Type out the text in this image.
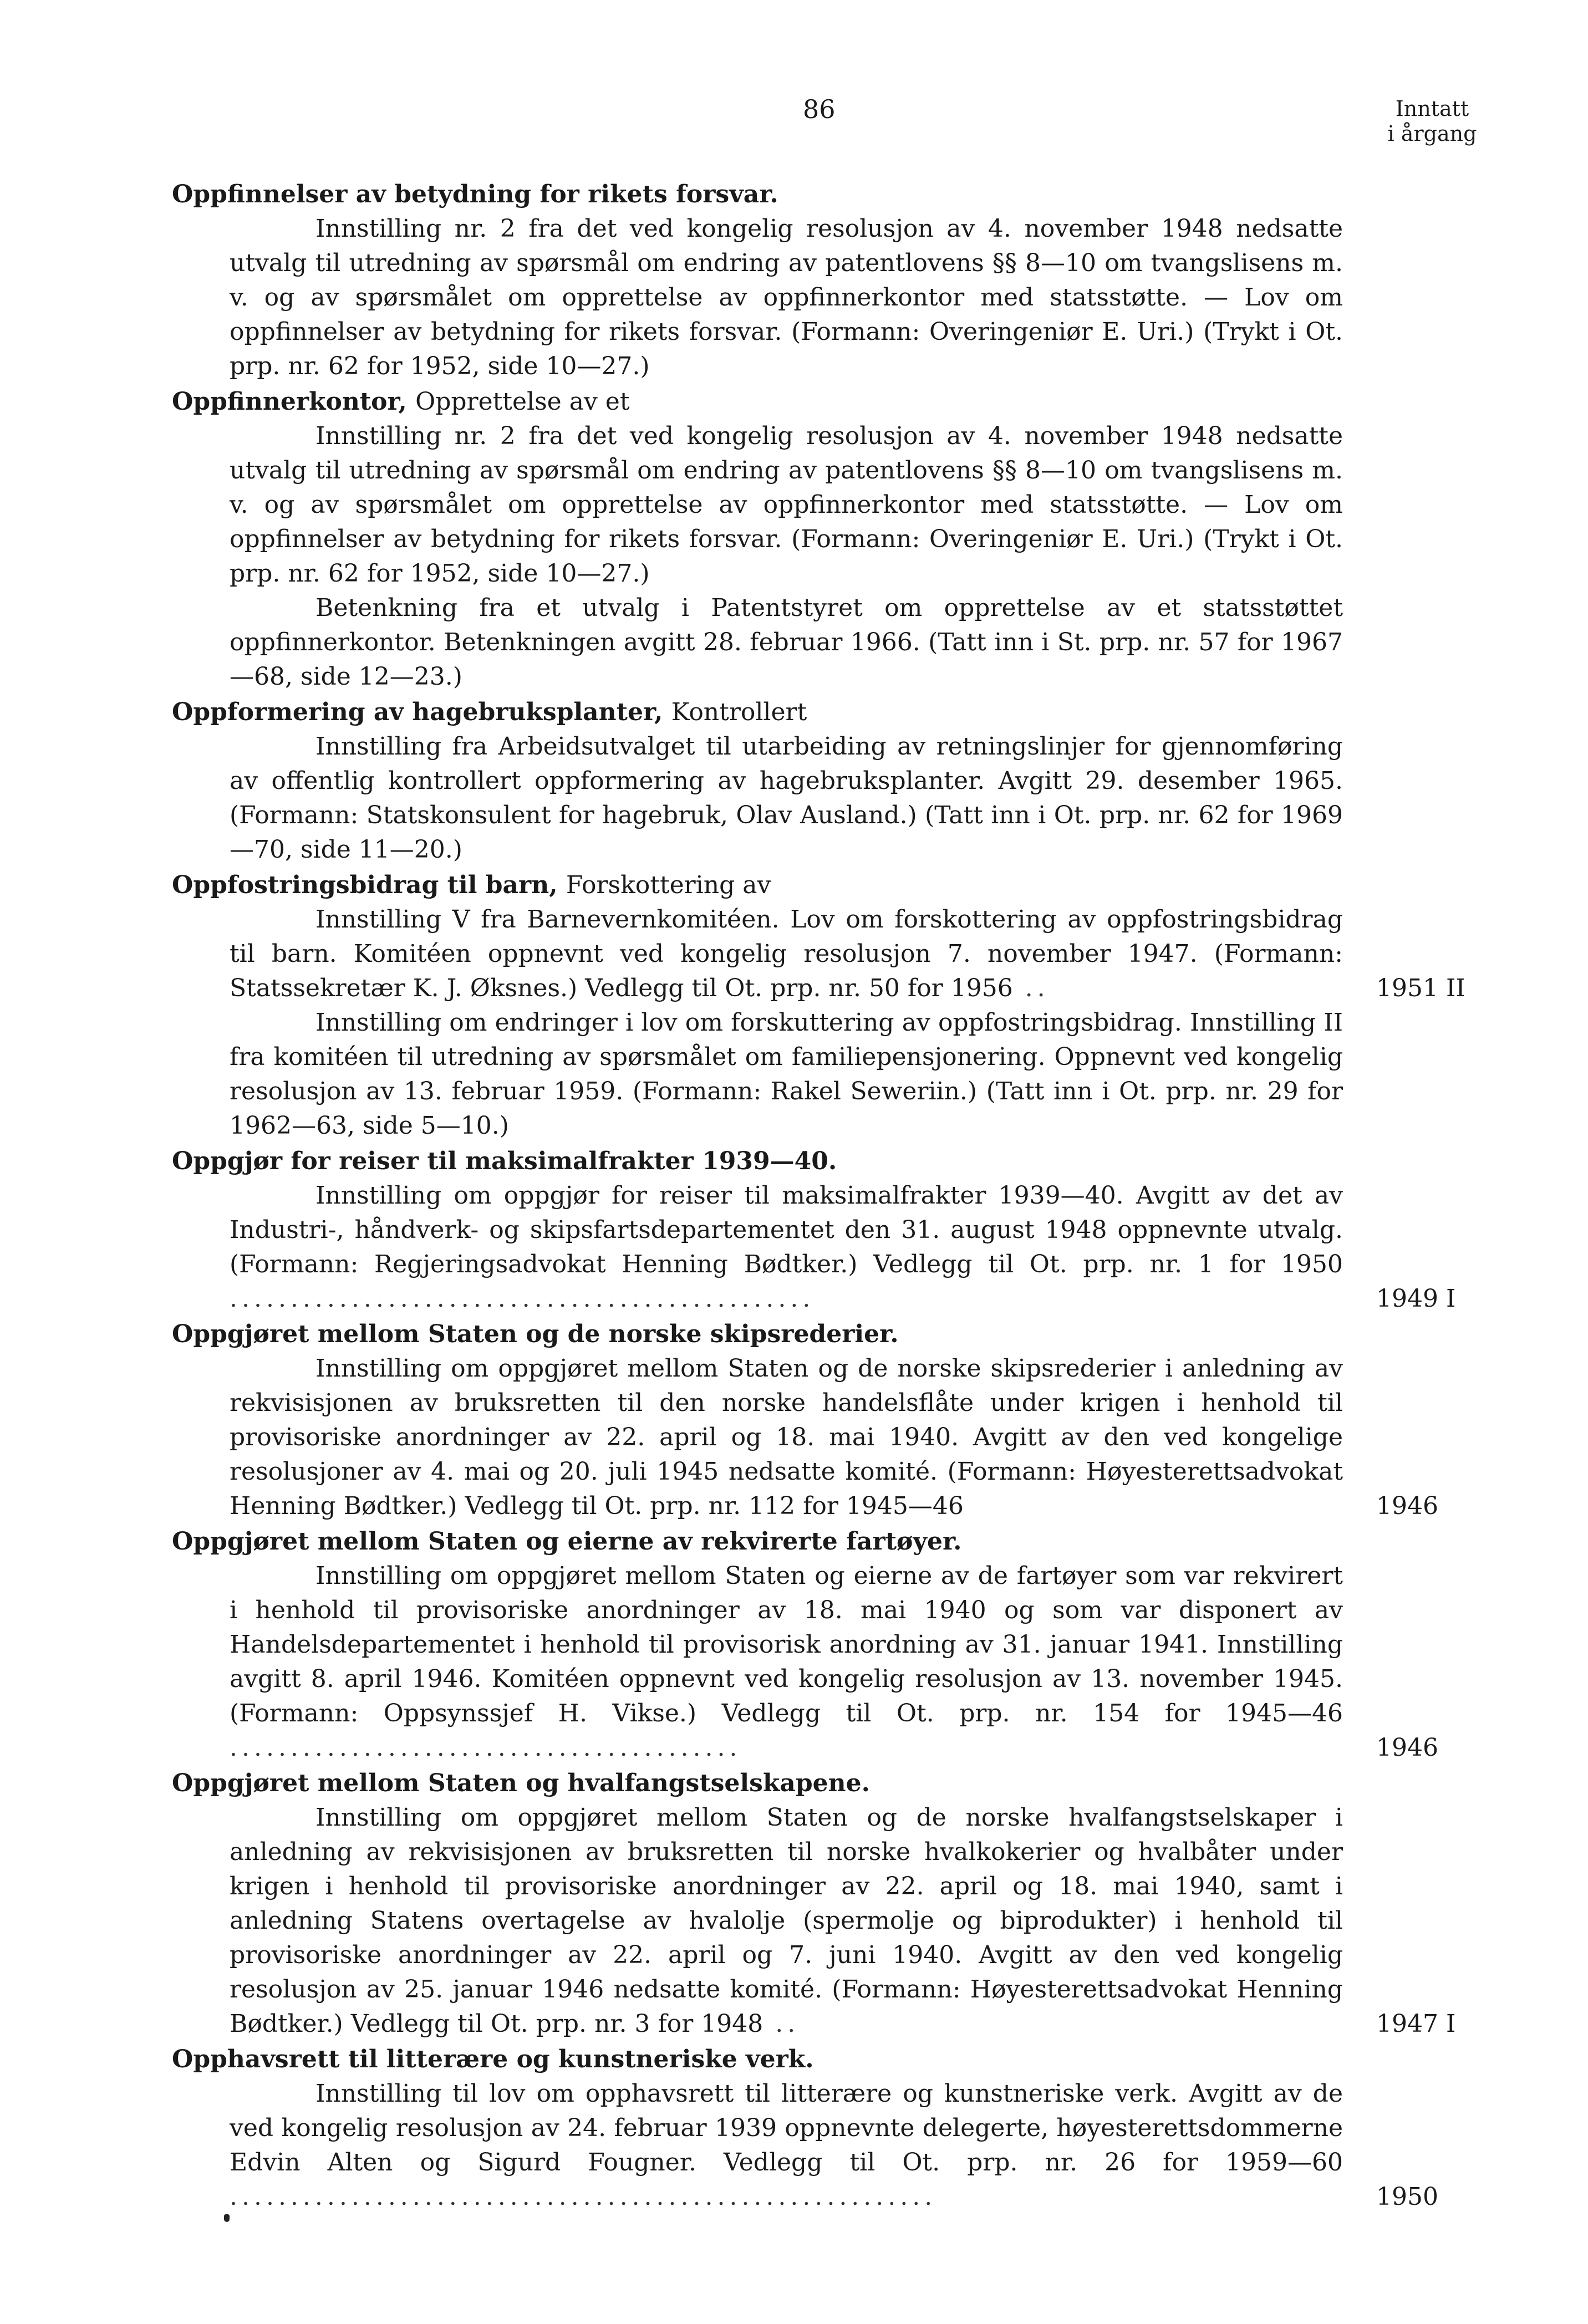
86	Inntatt
i årgang
Oppfinnelser av betydning for rikets forsvar.
Innstilling nr. 2 fra det ved kongelig resolusjon av 4. november 1948 nedsatte utvalg til utredning av spørsmål om endring av patentlovens §§ 8—10 om tvangslisens m. v. og av spørsmålet om opprettelse av oppfinnerkontor med statsstøtte. — Lov om oppfinnelser av betydning for rikets forsvar. (Formann: Overingeniør E. Uri.) (Trykt i Ot. prp. nr. 62 for 1952, side 10—27.)
Oppfinnerkontor, Opprettelse av et
Innstilling nr. 2 fra det ved kongelig resolusjon av 4. november 1948 nedsatte utvalg til utredning av spørsmål om endring av patentlovens §§ 8—10 om tvangslisens m. v. og av spørsmålet om opprettelse av oppfinnerkontor med statsstøtte. — Lov om oppfinnelser av betydning for rikets forsvar. (Formann: Overingeniør E. Uri.) (Trykt i Ot. prp. nr. 62 for 1952, side 10—27.)
Betenkning fra et utvalg i Patentstyret om opprettelse av et statsstøttet oppfinnerkontor. Betenkningen avgitt 28. februar 1966. (Tatt inn i St. prp. nr. 57 for 1967—68, side 12—23.)
Oppformering av hagebruksplanter, Kontrollert
Innstilling fra Arbeidsutvalget til utarbeiding av retningslinjer for gjennomføring av offentlig kontrollert oppformering av hagebruksplanter. Avgitt 29. desember 1965. (Formann: Statskonsulent for hagebruk, Olav Ausland.) (Tatt inn i Ot. prp. nr. 62 for 1969—70, side 11—20.)
Oppfostringsbidrag til barn, Forskottering av
Innstilling V fra Barnevernkomitéen. Lov om forskottering av oppfostringsbidrag til barn. Komitéen oppnevnt ved kongelig resolusjon 7. november 1947. (Formann: Statssekretær K. J. Øksnes.) Vedlegg til Ot. prp. nr. 50 for 1956 ..	1951 II
Innstilling om endringer i lov om forskuttering av oppfostringsbidrag. Innstilling II fra komitéen til utredning av spørsmålet om familiepensjonering. Oppnevnt ved kongelig resolusjon av 13. februar 1959. (Formann: Rakel Seweriin.) (Tatt inn i Ot. prp. nr. 29 for 1962—63, side 5—10.)
Oppgjør for reiser til maksimalfrakter 1939—40.
Innstilling om oppgjør for reiser til maksimalfrakter 1939—40. Avgitt av det av Industri-, håndverk- og skipsfartsdepartementet den 31. august 1948 oppnevnte utvalg. (Formann: Regjeringsadvokat Henning Bødtker.) Vedlegg til Ot. prp. nr. 1 for 1950 ................................................	1949 I
Oppgjøret mellom Staten og de norske skipsrederier.
Innstilling om oppgjøret mellom Staten og de norske skipsrederier i anledning av rekvisisjonen av bruksretten til den norske handelsflåte under krigen i henhold til provisoriske anordninger av 22. april og 18. mai 1940. Avgitt av den ved kongelige resolusjoner av 4. mai og 20. juli 1945 nedsatte komité. (Formann: Høyesterettsadvokat Henning Bødtker.) Vedlegg til Ot. prp. nr. 112 for 1945—46	1946
Oppgjøret mellom Staten og eierne av rekvirerte fartøyer.
Innstilling om oppgjøret mellom Staten og eierne av de fartøyer som var rekvirert i henhold til provisoriske anordninger av 18. mai 1940 og som var disponert av Handelsdepartementet i henhold til provisorisk anordning av 31. januar 1941. Innstilling avgitt 8. april 1946. Komitéen oppnevnt ved kongelig resolusjon av 13. november 1945. (Formann: Oppsynssjef H. Vikse.) Vedlegg til Ot. prp. nr. 154 for 1945—46 ..........................................	1946
Oppgjøret mellom Staten og hvalfangstselskapene.
Innstilling om oppgjøret mellom Staten og de norske hvalfangstselskaper i anledning av rekvisisjonen av bruksretten til norske hvalkokerier og hvalbåter under krigen i henhold til provisoriske anordninger av 22. april og 18. mai 1940, samt i anledning Statens overtagelse av hvalolje (spermolje og biprodukter) i henhold til provisoriske anordninger av 22. april og 7. juni 1940. Avgitt av den ved kongelig resolusjon av 25. januar 1946 nedsatte komité. (Formann: Høyesterettsadvokat Henning Bødtker.) Vedlegg til Ot. prp. nr. 3 for 1948 ..	1947 I
Opphavsrett til litterære og kunstneriske verk.
Innstilling til lov om opphavsrett til litterære og kunstneriske verk. Avgitt av de ved kongelig resolusjon av 24. februar 1939 oppnevnte delegerte, høyesterettsdommerne Edvin Alten og Sigurd Fougner. Vedlegg til Ot. prp. nr. 26 for 1959—60 ..........................................................	1950
